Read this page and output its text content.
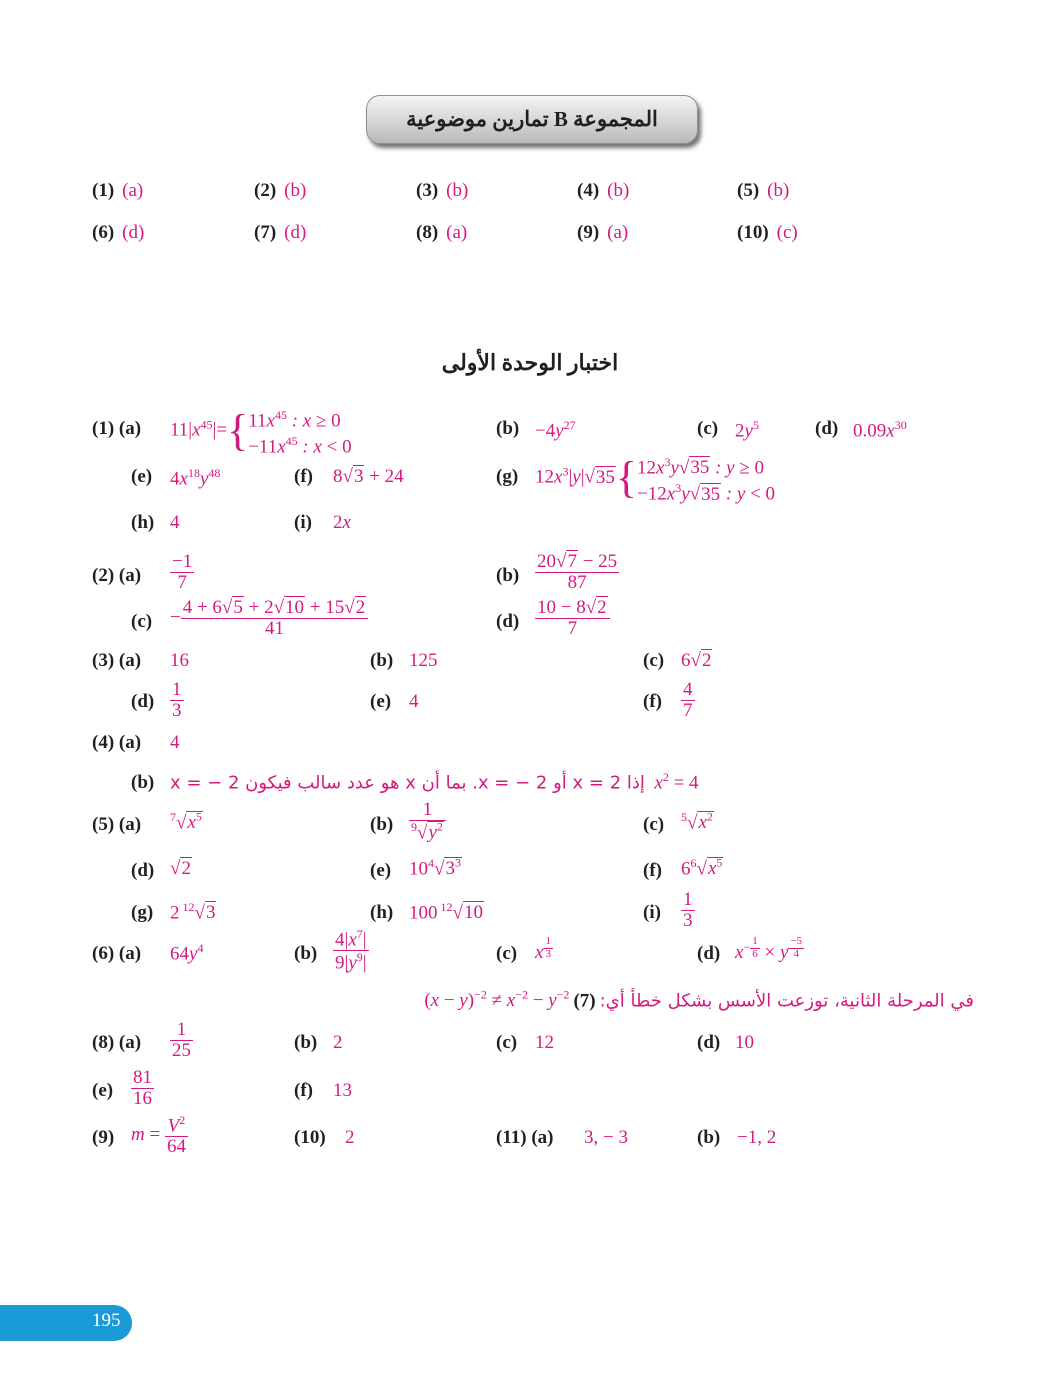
المجموعة B تمارين موضوعية
(1) (a)	(2) (b)	(3) (b)	(4) (b)	(5) (b)
(6) (d)	(7) (d)	(8) (a)	(9) (a)	(10) (c)
اختبار الوحدة الأولى
(1) (a) $11|x^{45}|=\{11x^{45}$ : x ≥ 0
$-11x^{45}$ : x < 0
$(b) -4y^{27}$	(c) $2y^5$	(d) $0.09x^{30}$
(e) $4x^{18}y^{48}$	(f) 8√3 + 24	(g) $12x^3|y|√35\{12x^3y√35$ : y ≥ 0
$-12x^3y√35$ : y < 0
(h) 4	(i) 2x
(2) $(a) \frac{-1}{7}$	$(b) \frac{20√7 - 25}{87}$
$(c) - \frac{4 + 6√5 + 2√10 + 15√2}{41}$	$(d) \frac{10 - 8√2}{7}$
(3) (a) 16	(b) 125	(c) 6√2
$(d) \frac{1}{3}$	(e) 4	$(f) \frac{4}{7}$
(4) (a) 4
(b) إذا x = 2 أو x = − 2. بما أن x هو عدد سالب فيكون x = − 2 $x^2 = 4$
(5) (a) $^7√x^5$	$(b) \frac{1}{^9√y^2}$	(c) $^5√x^2$
(d) √2	(e) $10^4√3^3$	(f) $6^6√x^5$
(g) 2 $^{12}$√3	(h) 100 $^{12}$√10	$(i) \frac{1}{3}$
(6) (a) $64y^4$	$(b) \frac{4|x^7|}{9|y^9|}$	(c) x $^{\frac{1}{3}}$	(d) $x^{- \frac{1}{6}} \times y$ $^{\frac{-5}{4}}$
$(x - y)^{-2} \ne x^{-2} - y^{-2}$ في المرحلة الثانية، توزعت الأسس بشكل خطأ أي: (7)
(8) $(a) \frac{1}{25}$	(b) 2	(c) 12	(d) 10
$(e) \frac{81}{16}$	(f) 13
(9) $m = \frac{V^2}{64}$	(10) 2	(11) (a) 3, − 3	(b) −1, 2
195
